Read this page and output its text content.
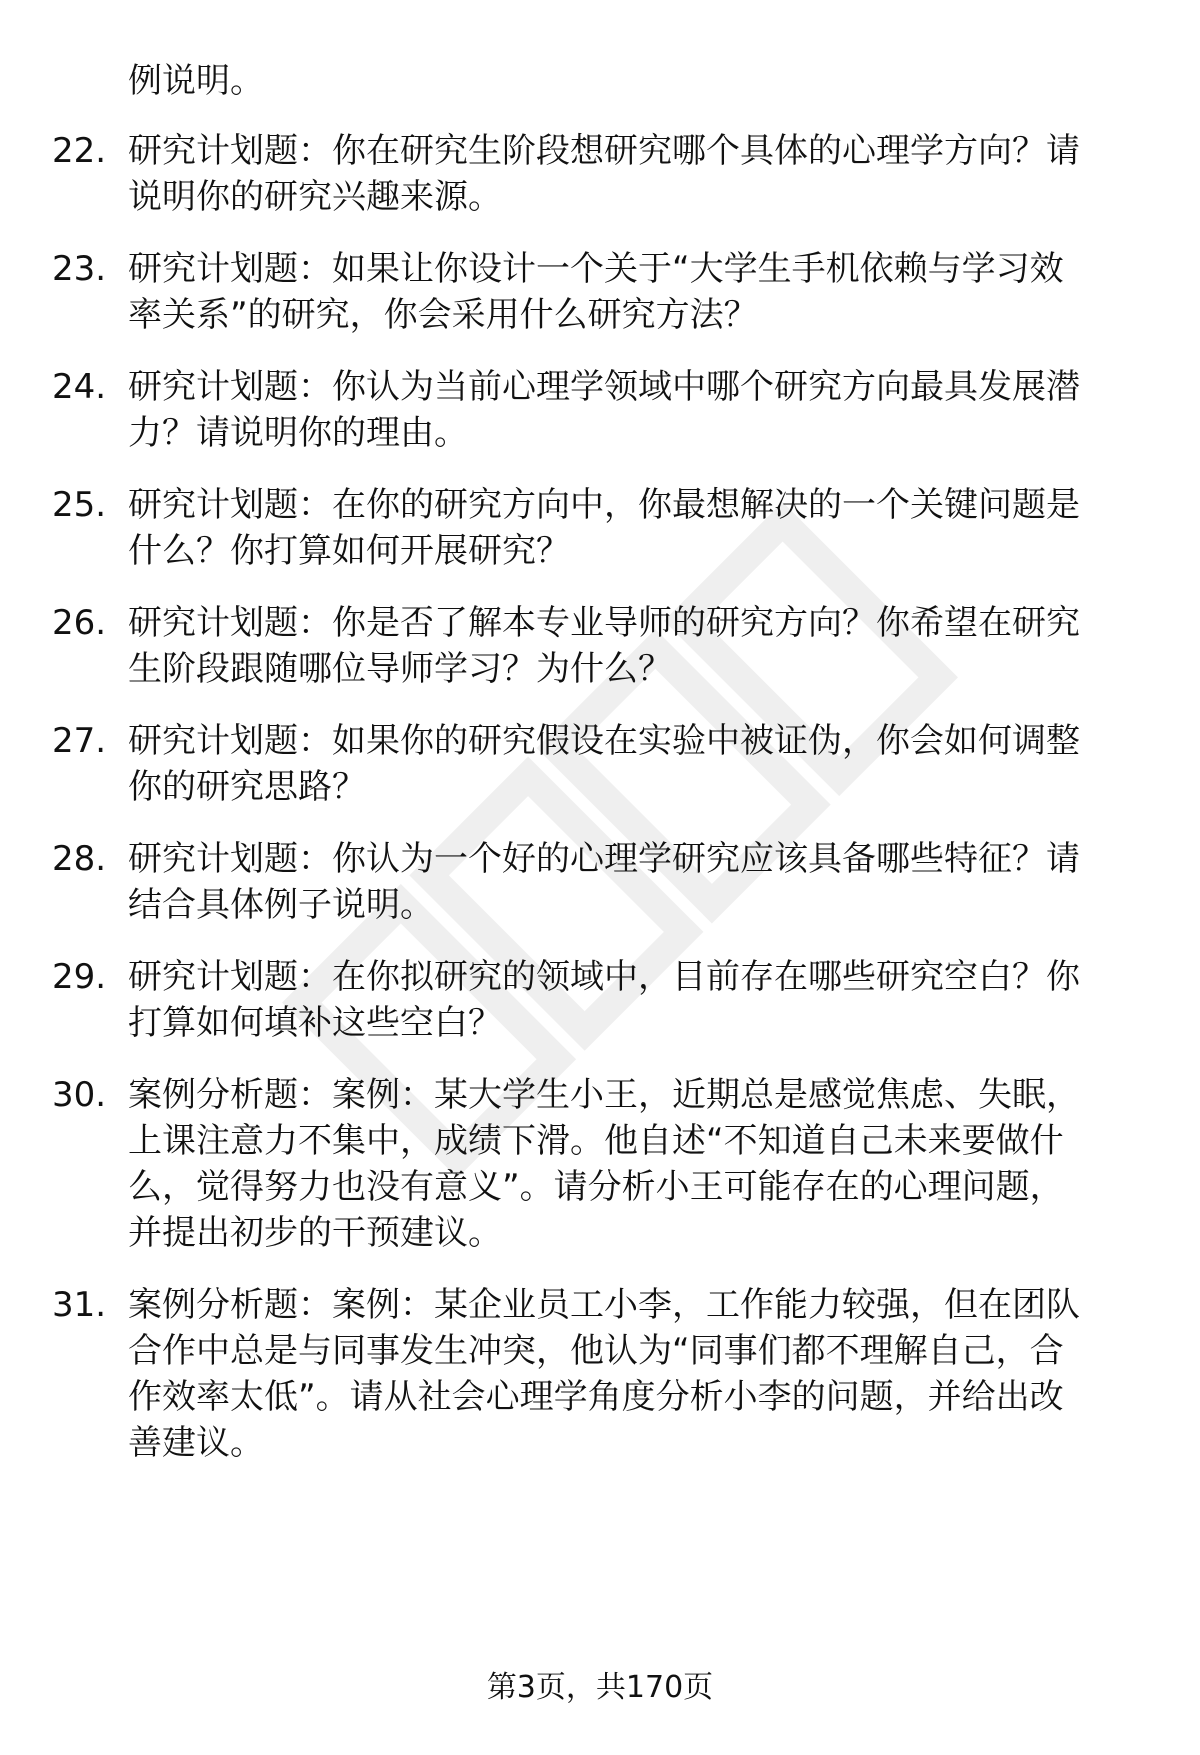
例说明。
22. 研究计划题：你在研究生阶段想研究哪个具体的心理学方向？请
说明你的研究兴趣来源。
23. 研究计划题：如果让你设计一个关于“大学生手机依赖与学习效
率关系”的研究，你会采用什么研究方法？
24. 研究计划题：你认为当前心理学领域中哪个研究方向最具发展潜
力？请说明你的理由。
25. 研究计划题：在你的研究方向中，你最想解决的一个关键问题是
什么？你打算如何开展研究？
26. 研究计划题：你是否了解本专业导师的研究方向？你希望在研究
生阶段跟随哪位导师学习？为什么？
27. 研究计划题：如果你的研究假设在实验中被证伪，你会如何调整
你的研究思路？
28. 研究计划题：你认为一个好的心理学研究应该具备哪些特征？请
结合具体例子说明。
29. 研究计划题：在你拟研究的领域中，目前存在哪些研究空白？你
打算如何填补这些空白？
30. 案例分析题：案例：某大学生小王，近期总是感觉焦虑、失眠，
上课注意力不集中，成绩下滑。他自述“不知道自己未来要做什
么，觉得努力也没有意义”。请分析小王可能存在的心理问题，
并提出初步的干预建议。
31. 案例分析题：案例：某企业员工小李，工作能力较强，但在团队
合作中总是与同事发生冲突，他认为“同事们都不理解自己，合
作效率太低”。请从社会心理学角度分析小李的问题，并给出改
善建议。
第3页，共170页
